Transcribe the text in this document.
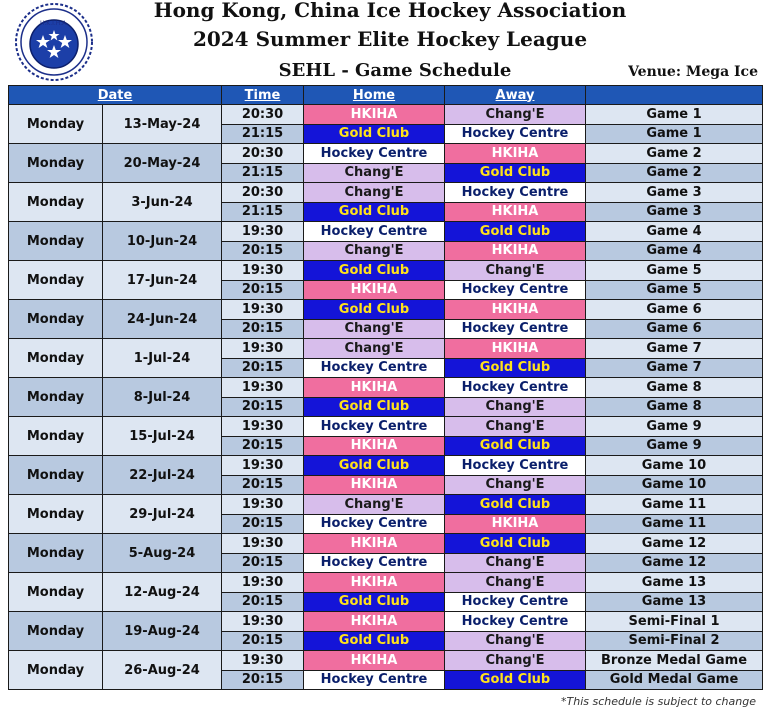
H.K.I.H.A.
Hong Kong, China Ice Hockey Association
2024 Summer Elite Hockey League
SEHL - Game Schedule	Venue: Mega Ice
Date		Time	Home	Away	
Monday	13-May-24	20:30	HKIHA	Chang'E	Game 1
		21:15	Gold Club	Hockey Centre	Game 1
Monday	20-May-24	20:30	Hockey Centre	HKIHA	Game 2
		21:15	Chang'E	Gold Club	Game 2
Monday	3-Jun-24	20:30	Chang'E	Hockey Centre	Game 3
		21:15	Gold Club	HKIHA	Game 3
Monday	10-Jun-24	19:30	Hockey Centre	Gold Club	Game 4
		20:15	Chang'E	HKIHA	Game 4
Monday	17-Jun-24	19:30	Gold Club	Chang'E	Game 5
		20:15	HKIHA	Hockey Centre	Game 5
Monday	24-Jun-24	19:30	Gold Club	HKIHA	Game 6
		20:15	Chang'E	Hockey Centre	Game 6
Monday	1-Jul-24	19:30	Chang'E	HKIHA	Game 7
		20:15	Hockey Centre	Gold Club	Game 7
Monday	8-Jul-24	19:30	HKIHA	Hockey Centre	Game 8
		20:15	Gold Club	Chang'E	Game 8
Monday	15-Jul-24	19:30	Hockey Centre	Chang'E	Game 9
		20:15	HKIHA	Gold Club	Game 9
Monday	22-Jul-24	19:30	Gold Club	Hockey Centre	Game 10
		20:15	HKIHA	Chang'E	Game 10
Monday	29-Jul-24	19:30	Chang'E	Gold Club	Game 11
		20:15	Hockey Centre	HKIHA	Game 11
Monday	5-Aug-24	19:30	HKIHA	Gold Club	Game 12
		20:15	Hockey Centre	Chang'E	Game 12
Monday	12-Aug-24	19:30	HKIHA	Chang'E	Game 13
		20:15	Gold Club	Hockey Centre	Game 13
Monday	19-Aug-24	19:30	HKIHA	Hockey Centre	Semi-Final 1
		20:15	Gold Club	Chang'E	Semi-Final 2
Monday	26-Aug-24	19:30	HKIHA	Chang'E	Bronze Medal Game
		20:15	Hockey Centre	Gold Club	Gold Medal Game
*This schedule is subject to change
